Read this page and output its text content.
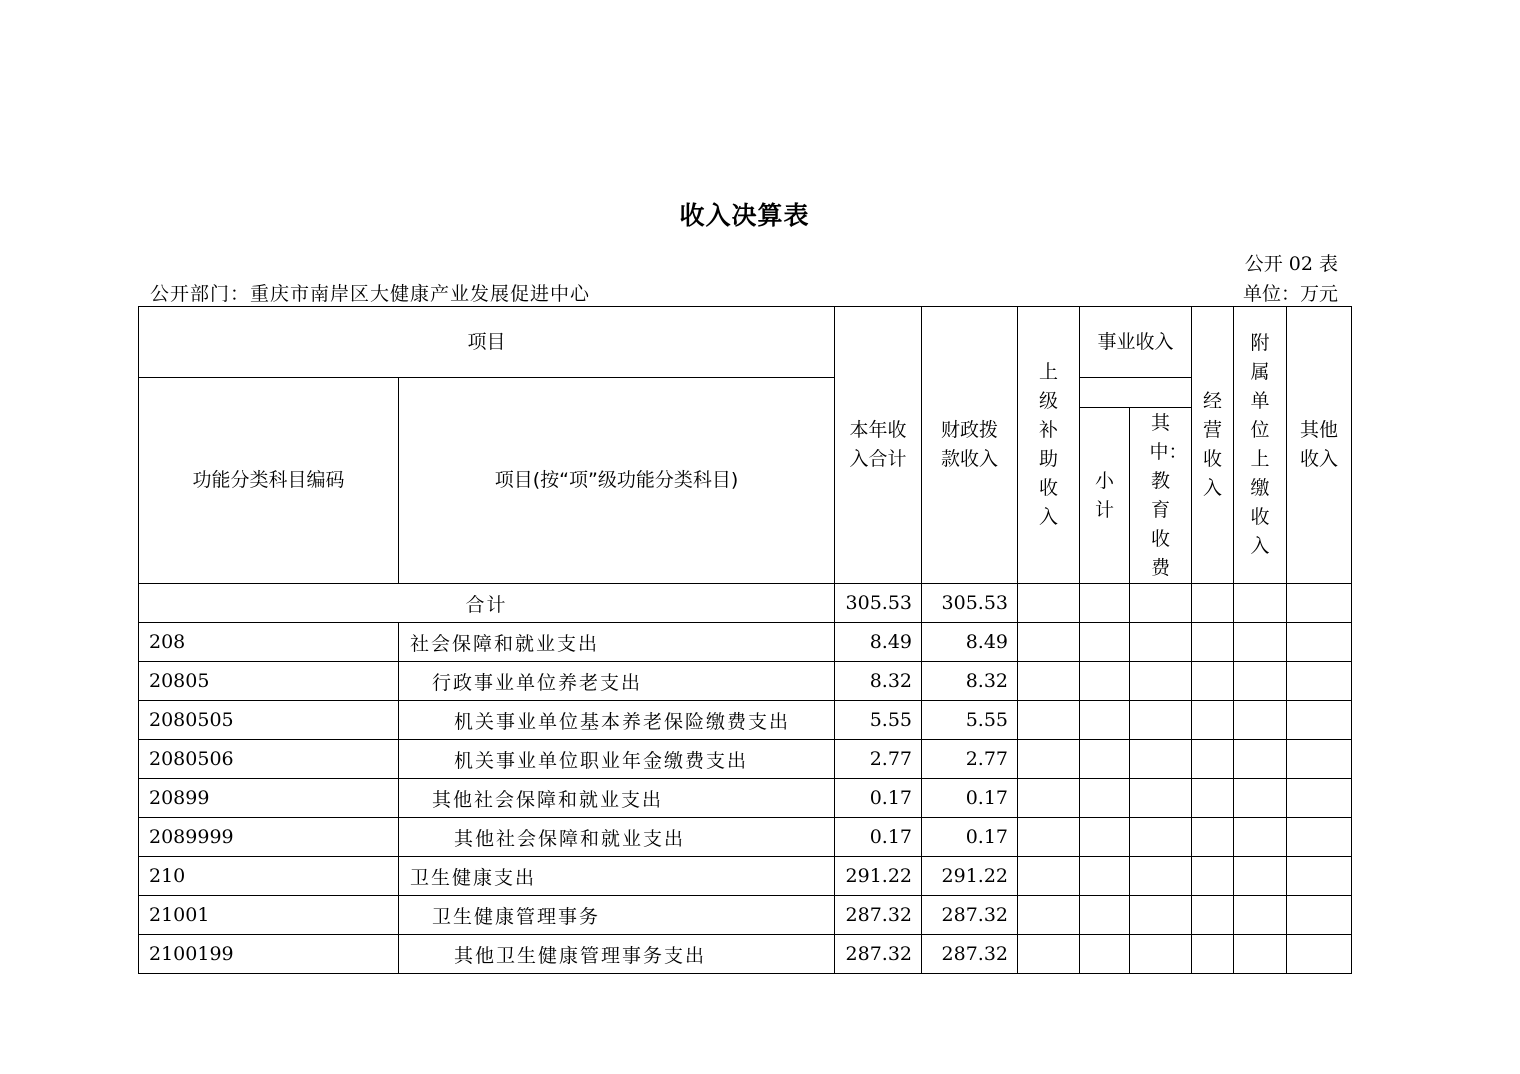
收入决算表
公开 02 表
公开部门：重庆市南岸区大健康产业发展促进中心	单位：万元
项目		本年收入合计	财政拨款收入	上级补助收入	事业收入		经营收入	附属单位上缴收入	其他收入

功能分类科目编码	项目(按“项”级功能分类科目)								

					小计	其中：教育收费			

合计		305.53	305.53						
208	社会保障和就业支出	8.49	8.49						
20805	行政事业单位养老支出	8.32	8.32						
2080505	机关事业单位基本养老保险缴费支出	5.55	5.55						
2080506	机关事业单位职业年金缴费支出	2.77	2.77						
20899	其他社会保障和就业支出	0.17	0.17						
2089999	其他社会保障和就业支出	0.17	0.17						
210	卫生健康支出	291.22	291.22						
21001	卫生健康管理事务	287.32	287.32						
2100199	其他卫生健康管理事务支出	287.32	287.32						
